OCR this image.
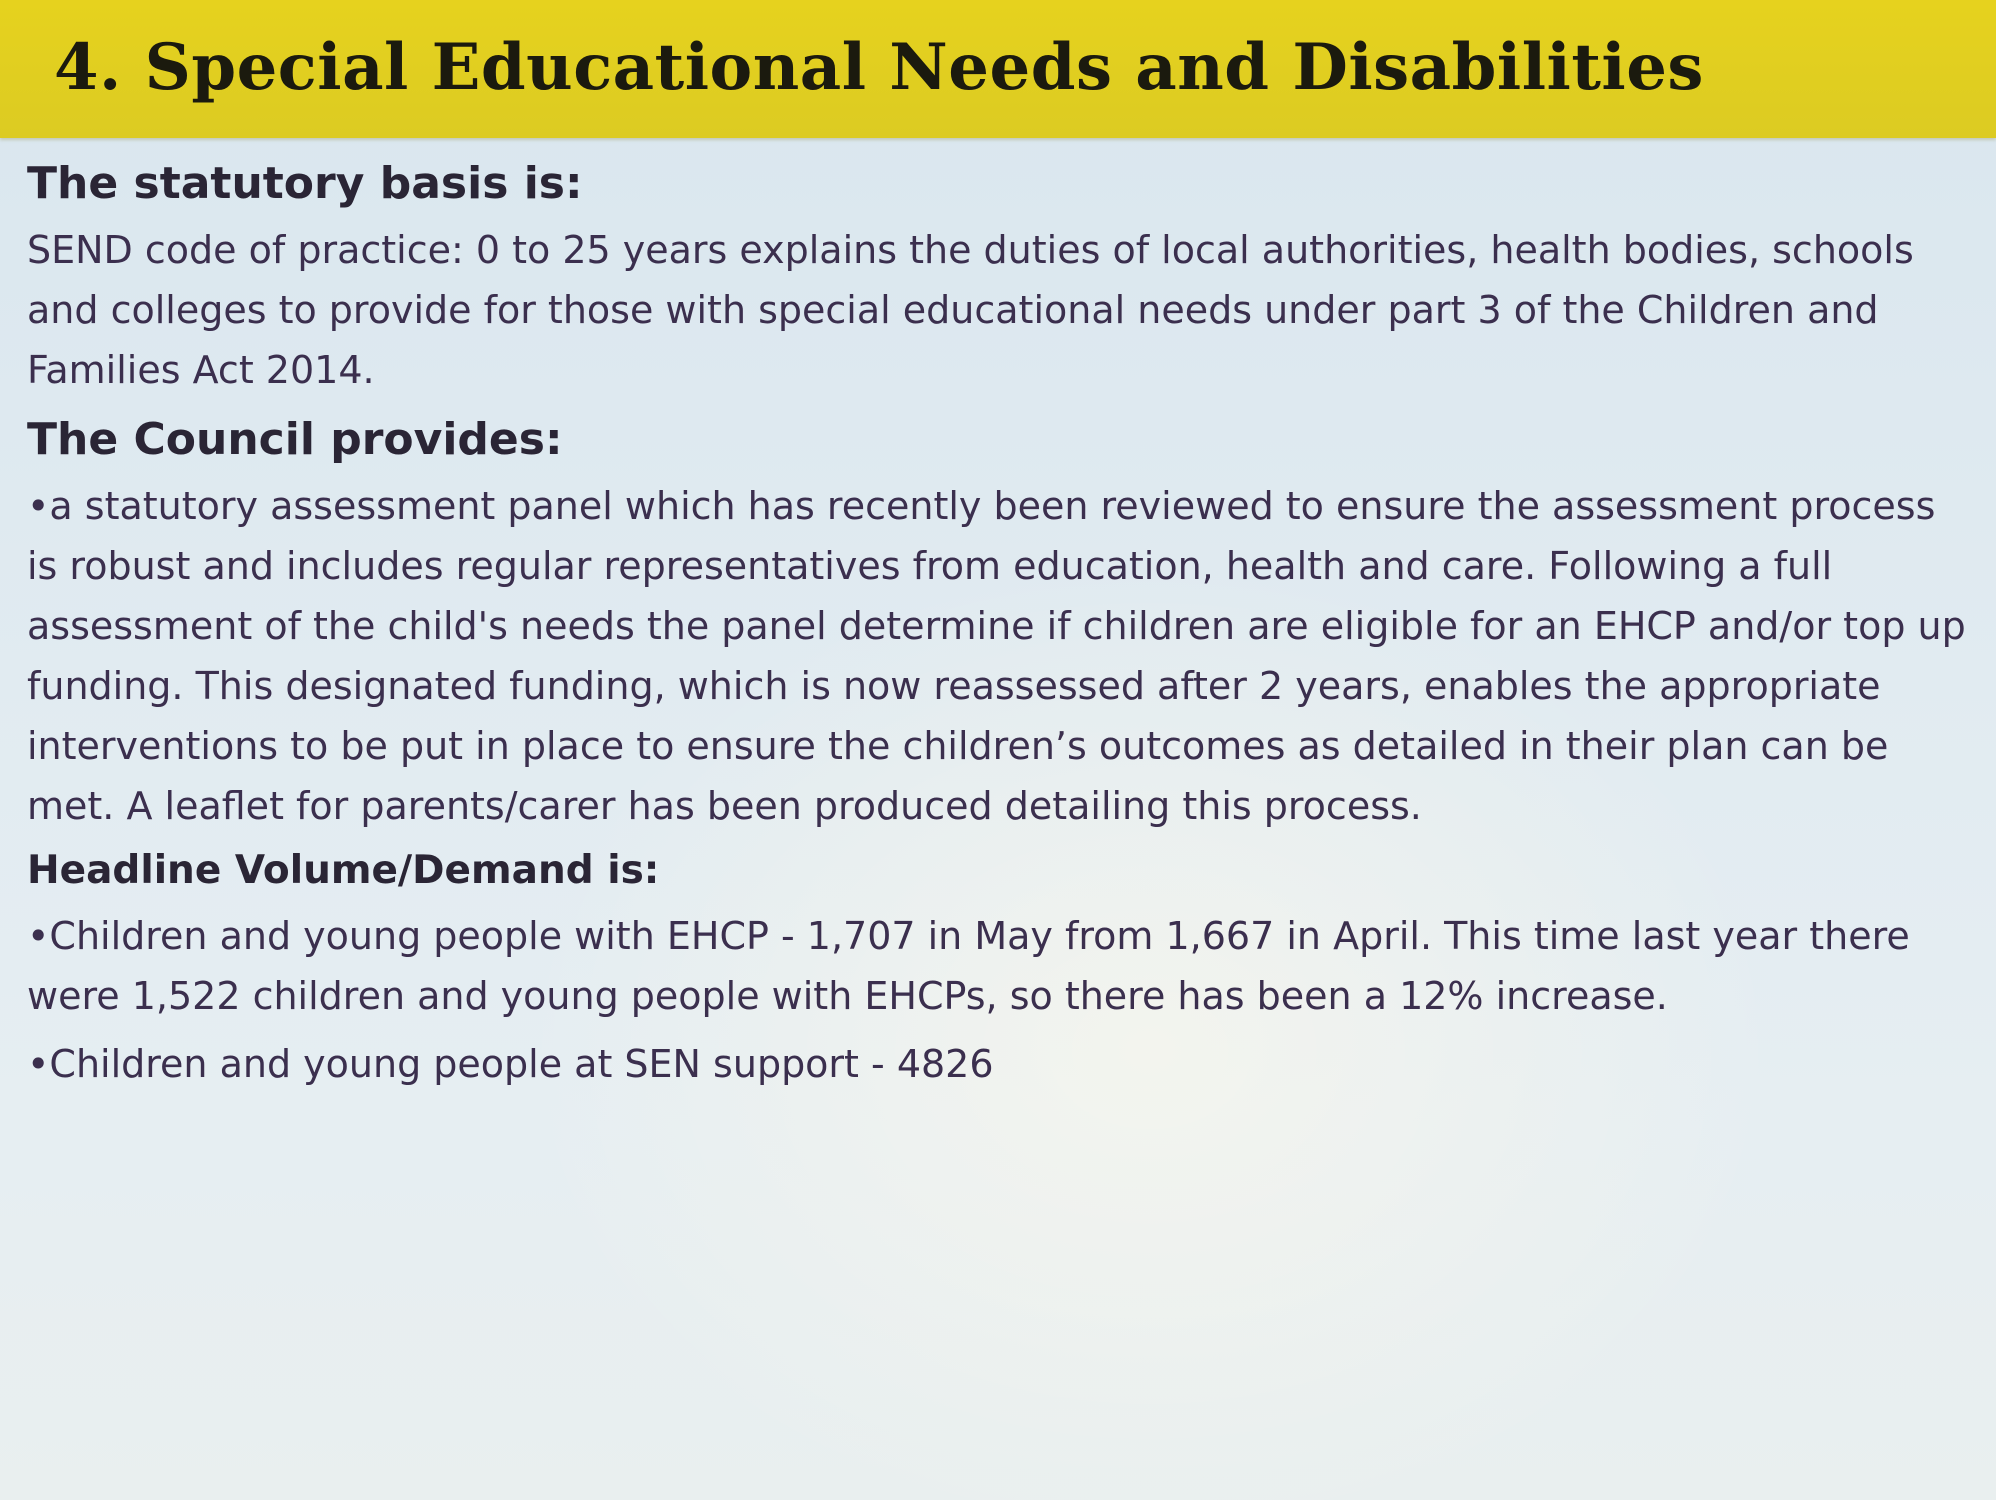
4. Special Educational Needs and Disabilities
The statutory basis is:

SEND code of practice: 0 to 25 years explains the duties of local authorities, health bodies, schools and colleges to provide for those with special educational needs under part 3 of the Children and Families Act 2014.

The Council provides:

•a statutory assessment panel which has recently been reviewed to ensure the assessment process is robust and includes regular representatives from education, health and care. Following a full assessment of the child's needs the panel determine if children are eligible for an EHCP and/or top up funding. This designated funding, which is now reassessed after 2 years, enables the appropriate interventions to be put in place to ensure the children’s outcomes as detailed in their plan can be met. A leaflet for parents/carer has been produced detailing this process.

Headline Volume/Demand is:

•Children and young people with EHCP - 1,707 in May from 1,667 in April. This time last year there were 1,522 children and young people with EHCPs, so there has been a 12% increase.

•Children and young people at SEN support - 4826
